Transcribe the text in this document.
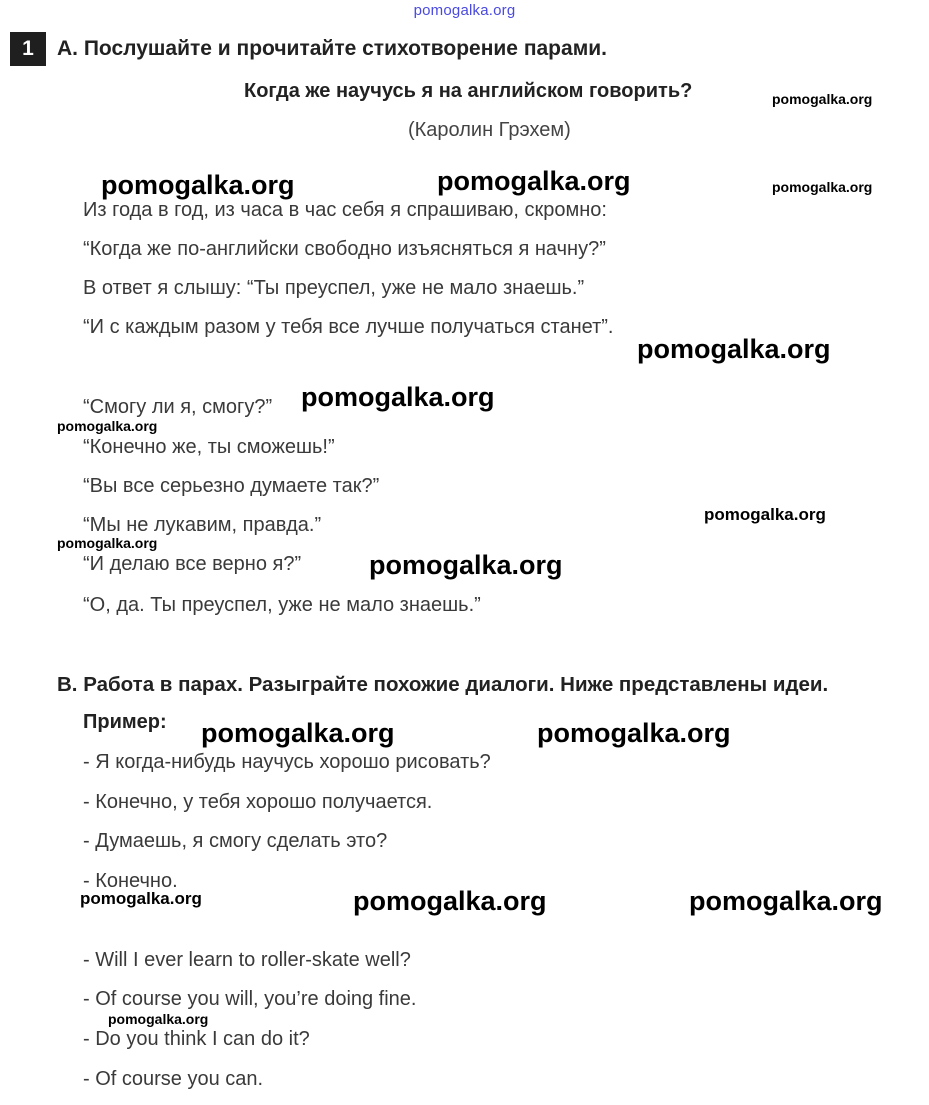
pomogalka.org
1	A. Послушайте и прочитайте стихотворение парами.
Когда же научусь я на английском говорить?
(Каролин Грэхем)
Из года в год, из часа в час себя я спрашиваю, скромно:
“Когда же по-английски свободно изъясняться я начну?”
В ответ я слышу: “Ты преуспел, уже не мало знаешь.”
“И с каждым разом у тебя все лучше получаться станет”.
“Смогу ли я, смогу?”
“Конечно же, ты сможешь!”
“Вы все серьезно думаете так?”
“Мы не лукавим, правда.”
“И делаю все верно я?”
“О, да. Ты преуспел, уже не мало знаешь.”
B. Работа в парах. Разыграйте похожие диалоги. Ниже представлены идеи.
Пример:
- Я когда-нибудь научусь хорошо рисовать?
- Конечно, у тебя хорошо получается.
- Думаешь, я смогу сделать это?
- Конечно.
- Will I ever learn to roller-skate well?
- Of course you will, you’re doing fine.
- Do you think I can do it?
- Of course you can.
pomogalka.org	pomogalka.org
pomogalka.org
pomogalka.org
pomogalka.org
pomogalka.org	pomogalka.org
pomogalka.org	pomogalka.org
pomogalka.org
pomogalka.org
pomogalka.org
pomogalka.org
pomogalka.org
pomogalka.org
pomogalka.org
